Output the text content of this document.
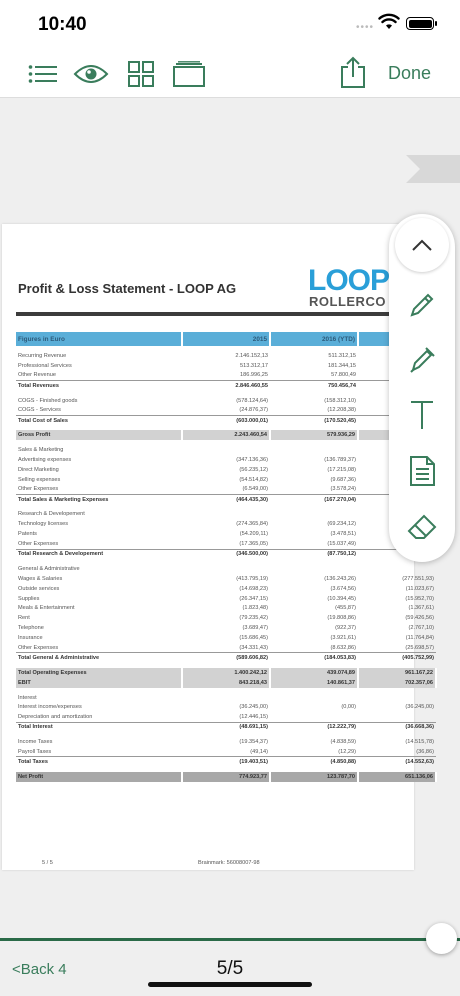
10:40	••••
Done
Profit & Loss Statement - LOOP AG LOOP
ROLLERCO
Figures in Euro	2015	2016 (YTD)	

Recurring Revenue	2.146.152,13	511.312,15	
Professional Services	513.312,17	181.344,15	
Other Revenue	186.996,25	57.800,49	
Total Revenues	2.846.460,55	750.456,74	

COGS - Finished goods	(578.124,64)	(158.312,10)	
COGS - Services	(24.876,37)	(12.208,38)	
Total Cost of Sales	(603.000,01)	(170.520,45)	

Gross Profit	2.243.460,54	579.936,29	

Sales & Marketing			
Advertising expenses	(347.136,36)	(136.789,37)	
Direct Marketing	(56.235,12)	(17.215,08)	
Selling expenses	(54.514,82)	(9.687,36)	
Other Expenses	(6.549,00)	(3.578,24)	
Total Sales & Marketing Expenses	(464.435,30)	(167.270,04)	

Research & Developement			
Technology licenses	(274.365,84)	(69.234,12)	
Patents	(54.209,11)	(3.478,51)	
Other Expenses	(17.365,05)	(15.037,49)	
Total Research & Developement	(346.500,00)	(87.750,12)	

General & Administrative			
Wages & Salaries	(413.795,19)	(136.243,26)	(277.551,93)
Outside services	(14.698,23)	(3.674,56)	(11.023,67)
Supplies	(26.347,15)	(10.394,45)	(15.952,70)
Meals & Entertainment	(1.823,48)	(455,87)	(1.367,61)
Rent	(79.235,42)	(19.808,86)	(59.426,56)
Telephone	(3.689,47)	(922,37)	(2.767,10)
Insurance	(15.686,45)	(3.921,61)	(11.764,84)
Other Expenses	(34.331,43)	(8.632,86)	(25.698,57)
Total General & Administrative	(589.606,82)	(184.053,83)	(405.752,99)

Total Operating Expenses	1.400.242,12	439.074,89	961.167,22
EBIT	843.218,43	140.861,37	702.357,06

Interest			
Interest income/expenses	(36.245,00)	(0,00)	(36.245,00)
Depreciation and amortization	(12.446,15)		
Total Interest	(48.691,15)	(12.222,79)	(36.668,36)

Income Taxes	(19.354,37)	(4.838,59)	(14.515,78)
Payroll Taxes	(49,14)	(12,29)	(36,86)
Total Taxes	(19.403,51)	(4.850,88)	(14.552,63)

Net Profit	774.923,77	123.787,70	651.136,06
5 / 5	Brainmark: 56008007-98
<Back 4	5/5
